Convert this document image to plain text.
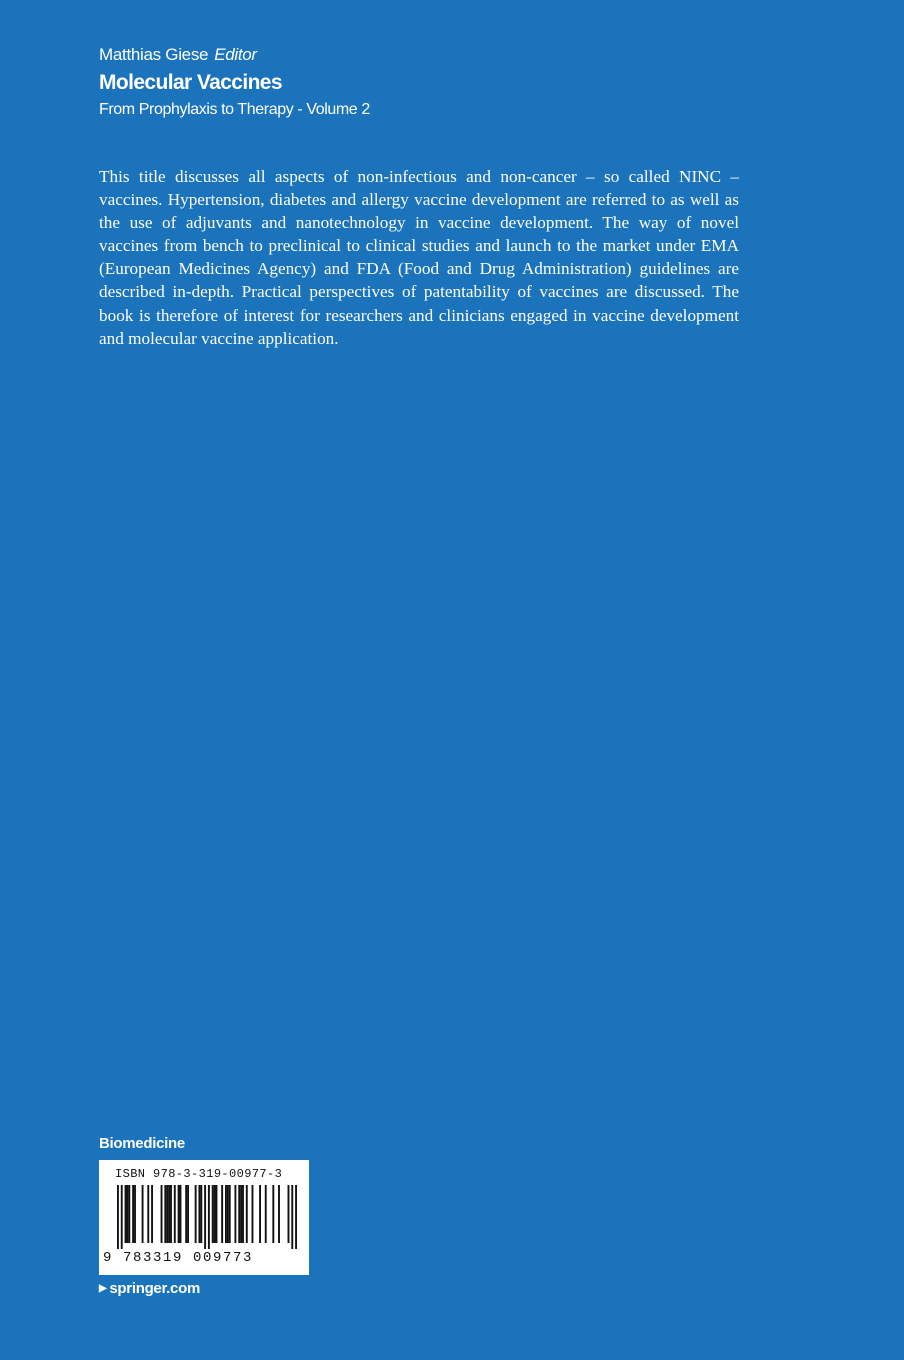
Matthias Giese Editor
Molecular Vaccines
From Prophylaxis to Therapy - Volume 2

This title discusses all aspects of non-infectious and non-cancer – so called NINC – vaccines. Hypertension, diabetes and allergy vaccine development are referred to as well as the use of adjuvants and nanotechnology in vaccine development. The way of novel vaccines from bench to preclinical to clinical studies and launch to the market under EMA (European Medicines Agency) and FDA (Food and Drug Administration) guidelines are described in-depth. Practical perspectives of patentability of vaccines are discussed. The book is therefore of interest for researchers and clinicians engaged in vaccine development and molecular vaccine application.

Biomedicine
ISBN 978-3-319-00977-3
9 783319 009773
▶ springer.com
